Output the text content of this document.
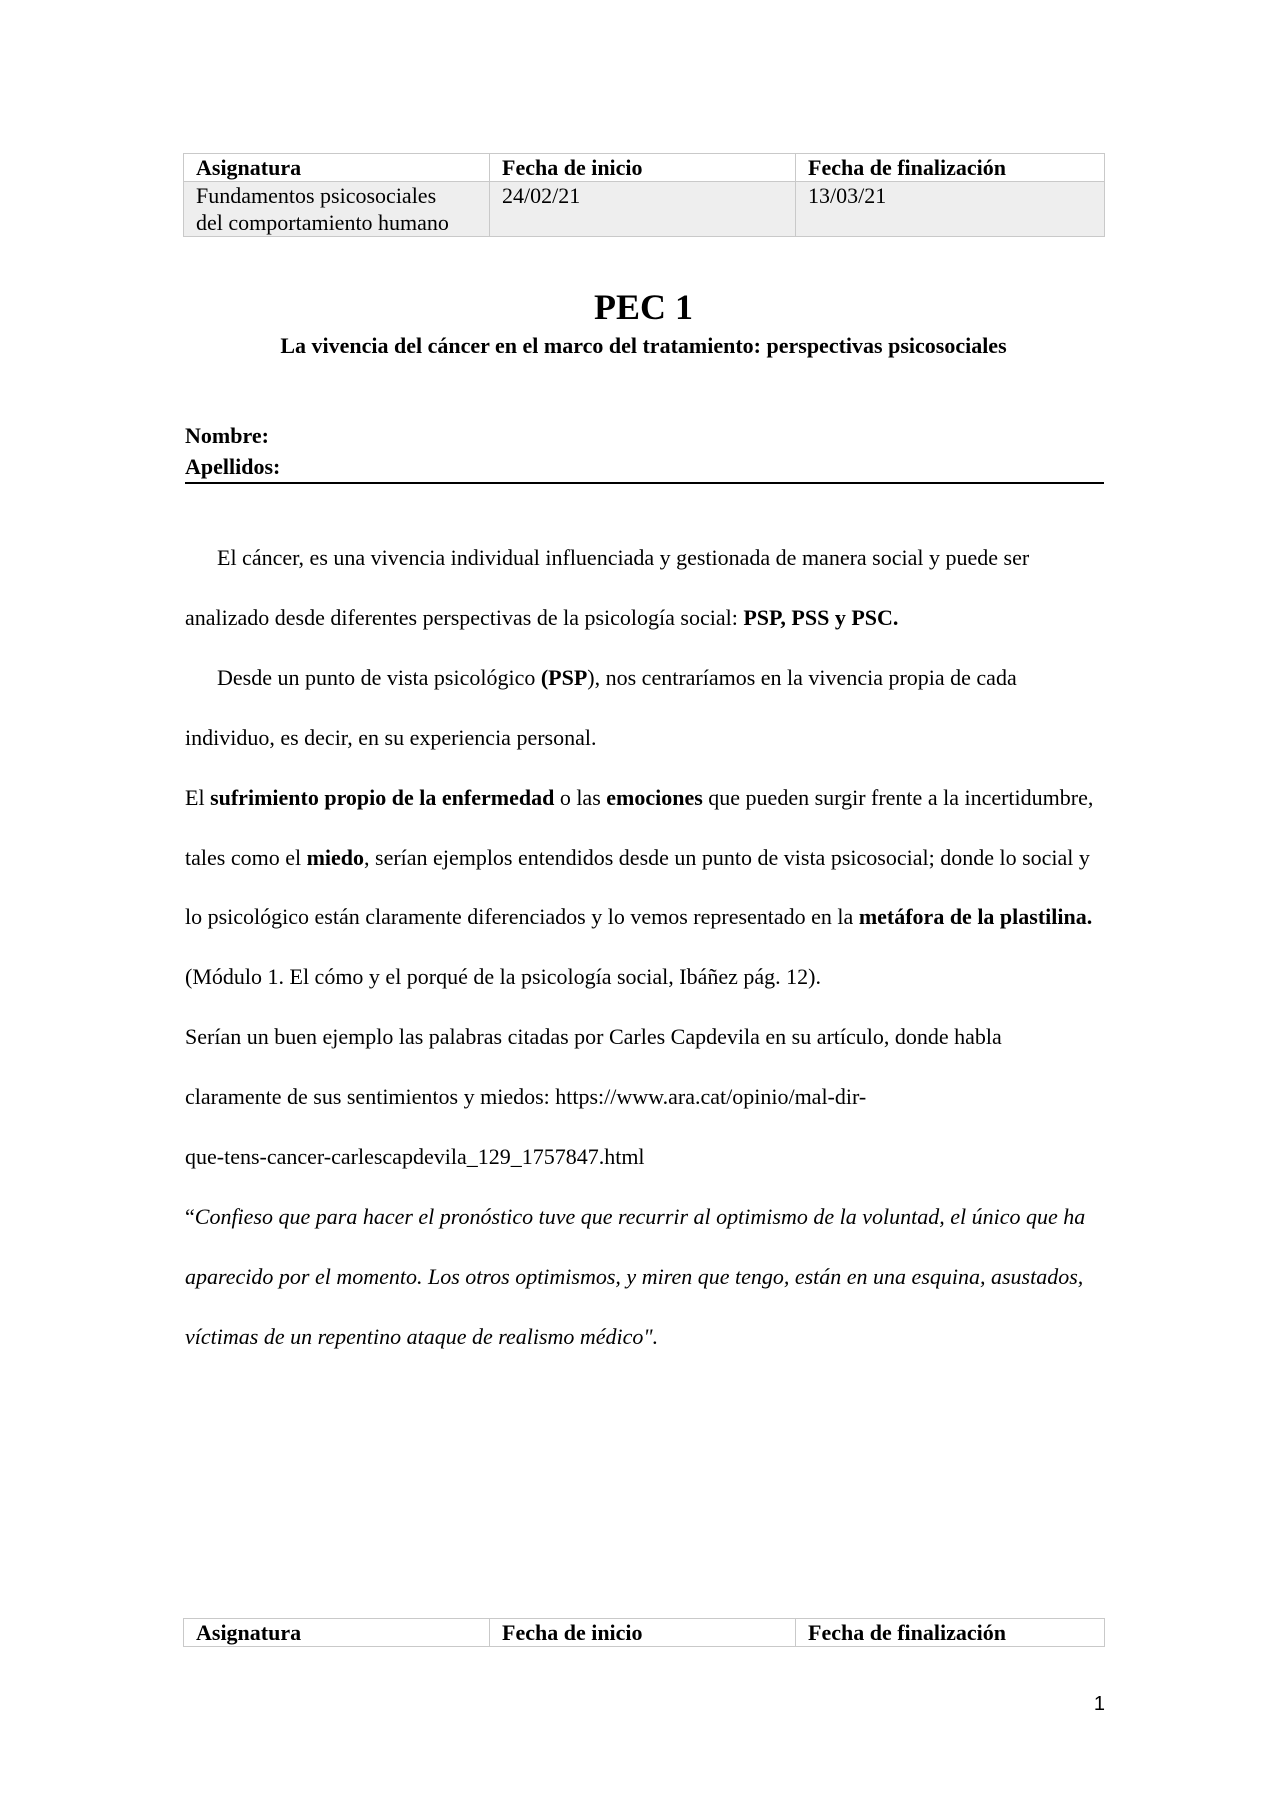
Asignatura	Fecha de inicio	Fecha de finalización

Fundamentos psicosociales
del comportamiento humano	24/02/21	13/03/21
PEC 1
La vivencia del cáncer en el marco del tratamiento: perspectivas psicosociales
Nombre:
Apellidos:

El cáncer, es una vivencia individual influenciada y gestionada de manera social y puede ser analizado desde diferentes perspectivas de la psicología social: PSP, PSS y PSC.

Desde un punto de vista psicológico (PSP), nos centraríamos en la vivencia propia de cada individuo, es decir, en su experiencia personal.

El sufrimiento propio de la enfermedad o las emociones que pueden surgir frente a la incertidumbre, tales como el miedo, serían ejemplos entendidos desde un punto de vista psicosocial; donde lo social y lo psicológico están claramente diferenciados y lo vemos representado en la metáfora de la plastilina. (Módulo 1. El cómo y el porqué de la psicología social, Ibáñez pág. 12).

Serían un buen ejemplo las palabras citadas por Carles Capdevila en su artículo, donde habla claramente de sus sentimientos y miedos: https://www.ara.cat/opinio/mal-dir-
que-tens-cancer-carlescapdevila_129_1757847.html

“Confieso que para hacer el pronóstico tuve que recurrir al optimismo de la voluntad, el único que ha aparecido por el momento. Los otros optimismos, y miren que tengo, están en una esquina, asustados, víctimas de un repentino ataque de realismo médico".

Asignatura	Fecha de inicio	Fecha de finalización
1
